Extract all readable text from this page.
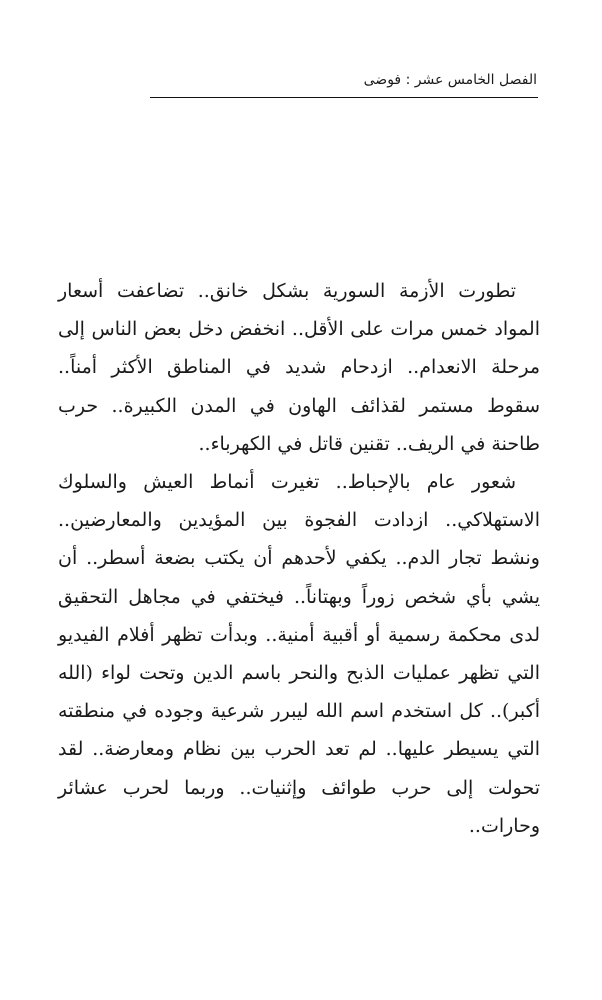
الفصل الخامس عشر : فوضى

تطورت الأزمة السورية بشكل خانق.. تضاعفت أسعار المواد خمس مرات على الأقل.. انخفض دخل بعض الناس إلى مرحلة الانعدام.. ازدحام شديد في المناطق الأكثر أمناً.. سقوط مستمر لقذائف الهاون في المدن الكبيرة.. حرب طاحنة في الريف.. تقنين قاتل في الكهرباء..

شعور عام بالإحباط.. تغيرت أنماط العيش والسلوك الاستهلاكي.. ازدادت الفجوة بين المؤيدين والمعارضين.. ونشط تجار الدم.. يكفي لأحدهم أن يكتب بضعة أسطر.. أن يشي بأي شخص زوراً وبهتاناً.. فيختفي في مجاهل التحقيق لدى محكمة رسمية أو أقبية أمنية.. وبدأت تظهر أفلام الفيديو التي تظهر عمليات الذبح والنحر باسم الدين وتحت لواء (الله أكبر).. كل استخدم اسم الله ليبرر شرعية وجوده في منطقته التي يسيطر عليها.. لم تعد الحرب بين نظام ومعارضة.. لقد تحولت إلى حرب طوائف وإثنيات.. وربما لحرب عشائر وحارات..
